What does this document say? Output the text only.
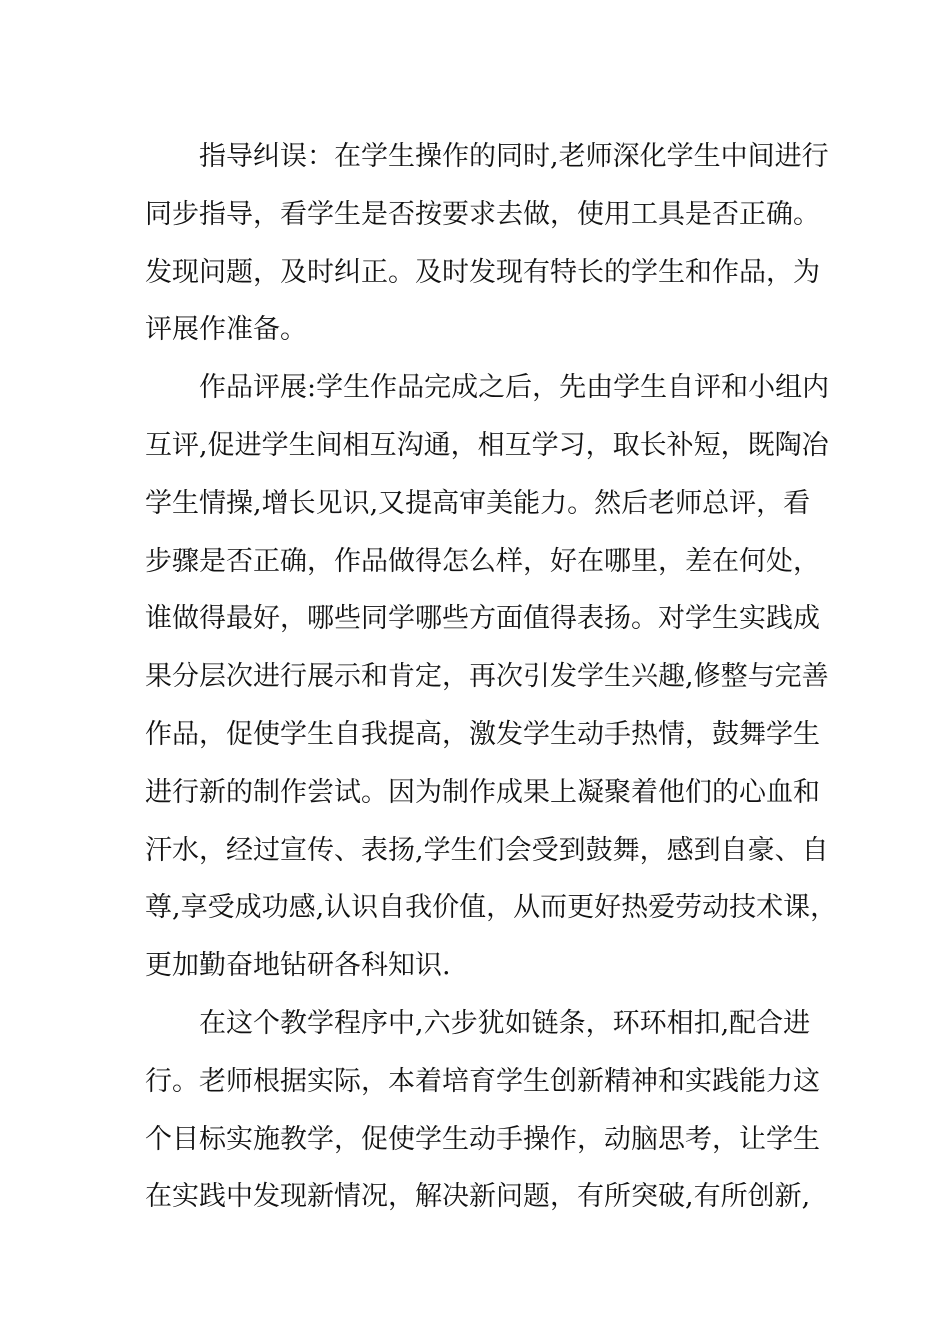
指导纠误：在学生操作的同时,老师深化学生中间进行
同步指导，看学生是否按要求去做，使用工具是否正确。
发现问题，及时纠正。及时发现有特长的学生和作品，为
评展作准备。
作品评展:学生作品完成之后，先由学生自评和小组内
互评,促进学生间相互沟通，相互学习，取长补短，既陶冶
学生情操,增长见识,又提高审美能力。然后老师总评，看
步骤是否正确，作品做得怎么样，好在哪里，差在何处，
谁做得最好，哪些同学哪些方面值得表扬。对学生实践成
果分层次进行展示和肯定，再次引发学生兴趣,修整与完善
作品，促使学生自我提高，激发学生动手热情，鼓舞学生
进行新的制作尝试。因为制作成果上凝聚着他们的心血和
汗水，经过宣传、表扬,学生们会受到鼓舞，感到自豪、自
尊,享受成功感,认识自我价值，从而更好热爱劳动技术课，
更加勤奋地钻研各科知识.
在这个教学程序中,六步犹如链条，环环相扣,配合进
行。老师根据实际，本着培育学生创新精神和实践能力这
个目标实施教学，促使学生动手操作，动脑思考，让学生
在实践中发现新情况，解决新问题，有所突破,有所创新,
